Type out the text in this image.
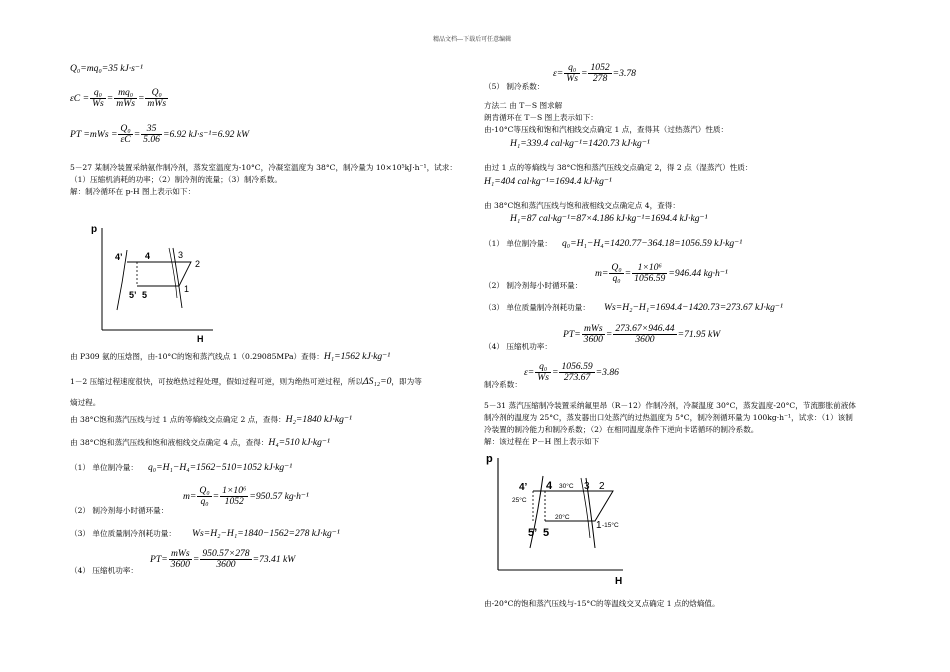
精品文档---下载后可任意编辑
Q₀=mq₀=35 kJ·s⁻¹
$\varepsilon C = \frac{\text{q₀}}{Ws} = \frac{\text{mq₀}}{\text{mWs}} = \frac{\text{Q₀}}{\text{mWs}}$
PT $=mWs = \frac{\text{Q₀}}{\varepsilon C} = \frac{35}{5.06} =6.92$ kJ·s⁻¹=6.92 kW
5－27 某制冷装置采纳氨作制冷剂，蒸发室温度为-10°C，冷凝室温度为 38°C，制冷量为 10×10⁵kJ·h⁻¹，试求：
（1）压缩机消耗的功率；（2）制冷剂的流量；（3）制冷系数。
解：制冷循环在 p-H 图上表示如下：
p
H
4’ 4	3
2
5’ 5
1
由 P309 氨的压焓图，由-10°C的饱和蒸汽线点 1（0.29085MPa）查得： H₁=1562 kJ·kg⁻¹
1－2 压缩过程速度很快，可按绝热过程处理，假如过程可逆，则为绝热可逆过程，所以 ΔS₁₂=0 ，即为等
熵过程。
由 38°C饱和蒸汽压线与过 1 点的等熵线交点确定 2 点，查得： H₂=1840 kJ·kg⁻¹
由 38°C饱和蒸汽压线和饱和液相线交点确定 4 点，查得： H₄=510 kJ·kg⁻¹
（1） 单位制冷量：	q₀=H₁−H₄=1562−510=1052 kJ·kg⁻¹
（2） 制冷剂每小时循环量：
$m= \frac{\text{Q₀}}{\text{q₀}} = \frac{\text{1×10⁶}}{1052} =950.57$ kg·h⁻¹
（3） 单位质量制冷剂耗功量：	Ws=H₂−H₁=1840−1562=278 kJ·kg⁻¹
（4） 压缩机功率：
$PT= \frac{\text{mWs}}{3600} = \frac{950.57\times 278}{3600} =73.41$ kW
（5） 制冷系数：
$\varepsilon= \frac{\text{q₀}}{Ws} = \frac{1052}{278} =3.78$
方法二 由 T－S 图求解
朗肯循环在 T－S 图上表示如下：
由-10°C等压线和饱和汽相线交点确定 1 点，查得其（过热蒸汽）性质：
H₁=339.4 cal·kg⁻¹=1420.73 kJ·kg⁻¹
由过 1 点的等熵线与 38°C饱和蒸汽压线交点确定 2，得 2 点（湿蒸汽）性质：
H₁=404 cal·kg⁻¹=1694.4 kJ·kg⁻¹
由 38°C饱和蒸汽压线与饱和液相线交点确定点 4，查得：
H₁=87 cal·kg⁻¹=87×4.186 kJ·kg⁻¹=1694.4 kJ·kg⁻¹
（1） 单位制冷量：	q₀=H₁−H₄=1420.77−364.18=1056.59 kJ·kg⁻¹
（2） 制冷剂每小时循环量：
$m= \frac{\text{Q₀}}{\text{q₀}} = \frac{\text{1×10⁶}}{1056.59} =946.44$ kg·h⁻¹
（3） 单位质量制冷剂耗功量：	Ws=H₂−H₁=1694.4−1420.73=273.67 kJ·kg⁻¹
（4） 压缩机功率：
$PT= \frac{\text{mWs}}{3600} = \frac{273.67\times 946.44}{3600} =71.95$ kW
$\varepsilon= \frac{\text{q₀}}{Ws} = \frac{1056.59}{273.67} =3.86$
制冷系数：
5－31 蒸汽压缩制冷装置采纳氟里昂（R－12）作制冷剂，冷凝温度 30°C，蒸发温度-20°C，节流膨胀前液体
制冷剂的温度为 25°C，蒸发器出口处蒸汽的过热温度为 5°C，制冷剂循环量为 100kg·h⁻¹，试求：（1）该制
冷装置的制冷能力和制冷系数；（2）在相同温度条件下逆向卡诺循环的制冷系数。
解：该过程在 P－H 图上表示如下
p
H
4’ 4 30°C 3 2
25°C
20°C
1 -15°C
5’ 5
由-20°C的饱和蒸汽压线与-15°C的等温线交叉点确定 1 点的焓熵值。
